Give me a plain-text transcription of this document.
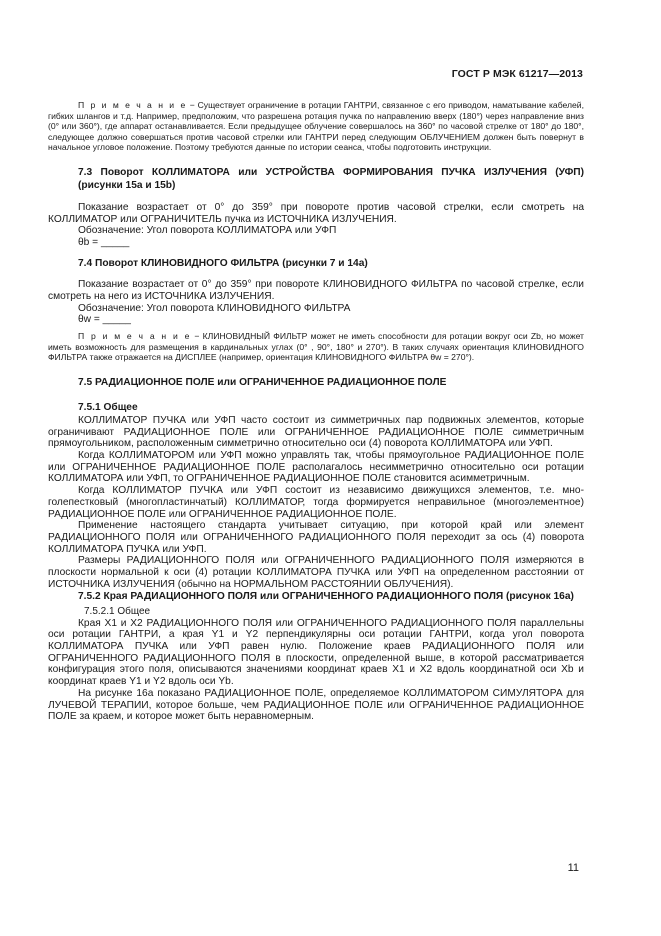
ГОСТ Р МЭК 61217—2013

П р и м е ч а н и е − Существует ограничение в ротации ГАНТРИ, связанное с его приводом, наматывание кабелей, гибких шлангов и т.д. Например, предположим, что разрешена ротация пучка по направлению вверх (180°) через направление вниз (0° или 360°), где аппарат останавливается. Если предыдущее облучение совершалось на 360° по часовой стрелке от 180° до 180°, следующее должно совершаться против часовой стрелки или ГАНТРИ перед следующим ОБЛУЧЕНИЕМ должен быть повернут в начальное угловое положение. Поэтому требуются данные по истории сеанса, чтобы подготовить инструкции.

7.3 Поворот КОЛЛИМАТОРА или УСТРОЙСТВА ФОРМИРОВАНИЯ ПУЧКА ИЗЛУЧЕНИЯ (УФП) (рисунки 15a и 15b)

Показание возрастает от 0° до 359° при повороте против часовой стрелки, если смотреть на КОЛЛИМАТОР или ОГРАНИЧИТЕЛЬ пучка из ИСТОЧНИКА ИЗЛУЧЕНИЯ.

Обозначение: Угол поворота КОЛЛИМАТОРА или УФП

θb = _____

7.4 Поворот КЛИНОВИДНОГО ФИЛЬТРА (рисунки 7 и 14a)

Показание возрастает от 0° до 359° при повороте КЛИНОВИДНОГО ФИЛЬТРА по часовой стрелке, если смотреть на него из ИСТОЧНИКА ИЗЛУЧЕНИЯ.

Обозначение: Угол поворота КЛИНОВИДНОГО ФИЛЬТРА

θw = _____

П р и м е ч а н и е − КЛИНОВИДНЫЙ ФИЛЬТР может не иметь способности для ротации вокруг оси Zb, но может иметь возможность для размещения в кардинальных углах (0° , 90°, 180° и 270°). В таких случаях ориентация КЛИНОВИДНОГО ФИЛЬТРА также отражается на ДИСПЛЕЕ (например, ориентация КЛИНОВИДНОГО ФИЛЬТРА θw = 270°).

7.5 РАДИАЦИОННОЕ ПОЛЕ или ОГРАНИЧЕННОЕ РАДИАЦИОННОЕ ПОЛЕ

7.5.1 Общее

КОЛЛИМАТОР ПУЧКА или УФП часто состоит из симметричных пар подвижных элементов, которые ограничивают РАДИАЦИОННОЕ ПОЛЕ или ОГРАНИЧЕННОЕ РАДИАЦИОННОЕ ПОЛЕ симметричным прямоугольником, расположенным симметрично относительно оси (4) поворота КОЛЛИМАТОРА или УФП.

Когда КОЛЛИМАТОРОМ или УФП можно управлять так, чтобы прямоугольное РАДИАЦИОННОЕ ПОЛЕ или ОГРАНИЧЕННОЕ РАДИАЦИОННОЕ ПОЛЕ располагалось несимметрично относительно оси ротации КОЛЛИМАТОРА или УФП, то ОГРАНИЧЕННОЕ РАДИАЦИОННОЕ ПОЛЕ становится асимметричным.

Когда КОЛЛИМАТОР ПУЧКА или УФП состоит из независимо движущихся элементов, т.е. многолепестковый (многопластинчатый) КОЛЛИМАТОР, тогда формируется неправильное (многоэлементное) РАДИАЦИОННОЕ ПОЛЕ или ОГРАНИЧЕННОЕ РАДИАЦИОННОЕ ПОЛЕ.

Применение настоящего стандарта учитывает ситуацию, при которой край или элемент РАДИАЦИОННОГО ПОЛЯ или ОГРАНИЧЕННОГО РАДИАЦИОННОГО ПОЛЯ переходит за ось (4) поворота КОЛЛИМАТОРА ПУЧКА или УФП.

Размеры РАДИАЦИОННОГО ПОЛЯ или ОГРАНИЧЕННОГО РАДИАЦИОННОГО ПОЛЯ измеряются в плоскости нормальной к оси (4) ротации КОЛЛИМАТОРА ПУЧКА или УФП на определенном расстоянии от ИСТОЧНИКА ИЗЛУЧЕНИЯ (обычно на НОРМАЛЬНОМ РАССТОЯНИИ ОБЛУЧЕНИЯ).

7.5.2 Края РАДИАЦИОННОГО ПОЛЯ или ОГРАНИЧЕННОГО РАДИАЦИОННОГО ПОЛЯ (рисунок 16a)

7.5.2.1 Общее

Края X1 и X2 РАДИАЦИОННОГО ПОЛЯ или ОГРАНИЧЕННОГО РАДИАЦИОННОГО ПОЛЯ параллельны оси ротации ГАНТРИ, а края Y1 и Y2 перпендикулярны оси ротации ГАНТРИ, когда угол поворота КОЛЛИМАТОРА ПУЧКА или УФП равен нулю. Положение краев РАДИАЦИОННОГО ПОЛЯ или ОГРАНИЧЕННОГО РАДИАЦИОННОГО ПОЛЯ в плоскости, определенной выше, в которой рассматривается конфигурация этого поля, описываются значениями координат краев X1 и X2 вдоль координатной оси Xb и координат краев Y1 и Y2 вдоль оси Yb.

На рисунке 16a показано РАДИАЦИОННОЕ ПОЛЕ, определяемое КОЛЛИМАТОРОМ СИМУЛЯТОРА для ЛУЧЕВОЙ ТЕРАПИИ, которое больше, чем РАДИАЦИОННОЕ ПОЛЕ или ОГРАНИЧЕННОЕ РАДИАЦИОННОЕ ПОЛЕ за краем, и которое может быть неравномерным.

11
